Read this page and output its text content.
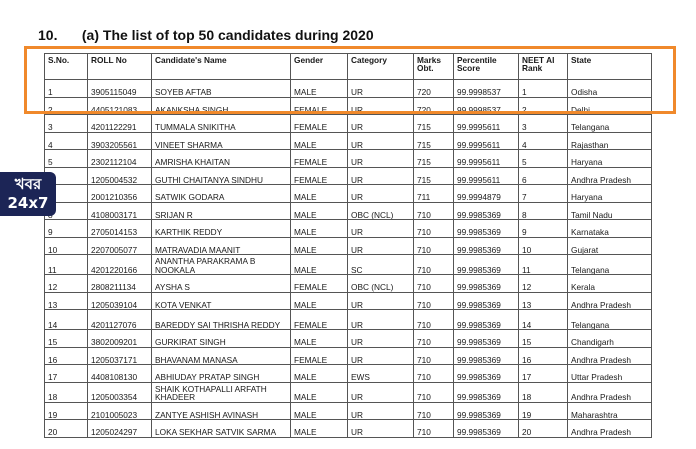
10. (a) The list of top 50 candidates during 2020
S.No.	ROLL No	Candidate's Name	Gender	Category	Marks Obt.	Percentile Score	NEET AI Rank	State
1	3905115049	SOYEB AFTAB	MALE	UR	720	99.9998537	1	Odisha
2	4405121083	AKANKSHA SINGH	FEMALE	UR	720	99.9998537	2	Delhi
3	4201122291	TUMMALA SNIKITHA	FEMALE	UR	715	99.9995611	3	Telangana
4	3903205561	VINEET SHARMA	MALE	UR	715	99.9995611	4	Rajasthan
5	2302112104	AMRISHA KHAITAN	FEMALE	UR	715	99.9995611	5	Haryana
	1205004532	GUTHI CHAITANYA SINDHU	FEMALE	UR	715	99.9995611	6	Andhra Pradesh
	2001210356	SATWIK GODARA	MALE	UR	711	99.9994879	7	Haryana
	4108003171	SRIJAN R	MALE	OBC (NCL)	710	99.9985369	8	Tamil Nadu
9	2705014153	KARTHIK REDDY	MALE	UR	710	99.9985369	9	Karnataka
10	2207005077	MATRAVADIA MAANIT	MALE	UR	710	99.9985369	10	Gujarat
11	4201220166	ANANTHA PARAKRAMA B NOOKALA	MALE	SC	710	99.9985369	11	Telangana
12	2808211134	AYSHA S	FEMALE	OBC (NCL)	710	99.9985369	12	Kerala
13	1205039104	KOTA VENKAT	MALE	UR	710	99.9985369	13	Andhra Pradesh
14	4201127076	BAREDDY SAI THRISHA REDDY	FEMALE	UR	710	99.9985369	14	Telangana
15	3802009201	GURKIRAT SINGH	MALE	UR	710	99.9985369	15	Chandigarh
16	1205037171	BHAVANAM MANASA	FEMALE	UR	710	99.9985369	16	Andhra Pradesh
17	4408108130	ABHIUDAY PRATAP SINGH	MALE	EWS	710	99.9985369	17	Uttar Pradesh
18	1205003354	SHAIK KOTHAPALLI ARFATH KHADEER	MALE	UR	710	99.9985369	18	Andhra Pradesh
19	2101005023	ZANTYE ASHISH AVINASH	MALE	UR	710	99.9985369	19	Maharashtra
20	1205024297	LOKA SEKHAR SATVIK SARMA	MALE	UR	710	99.9985369	20	Andhra Pradesh
খবর
24x7
